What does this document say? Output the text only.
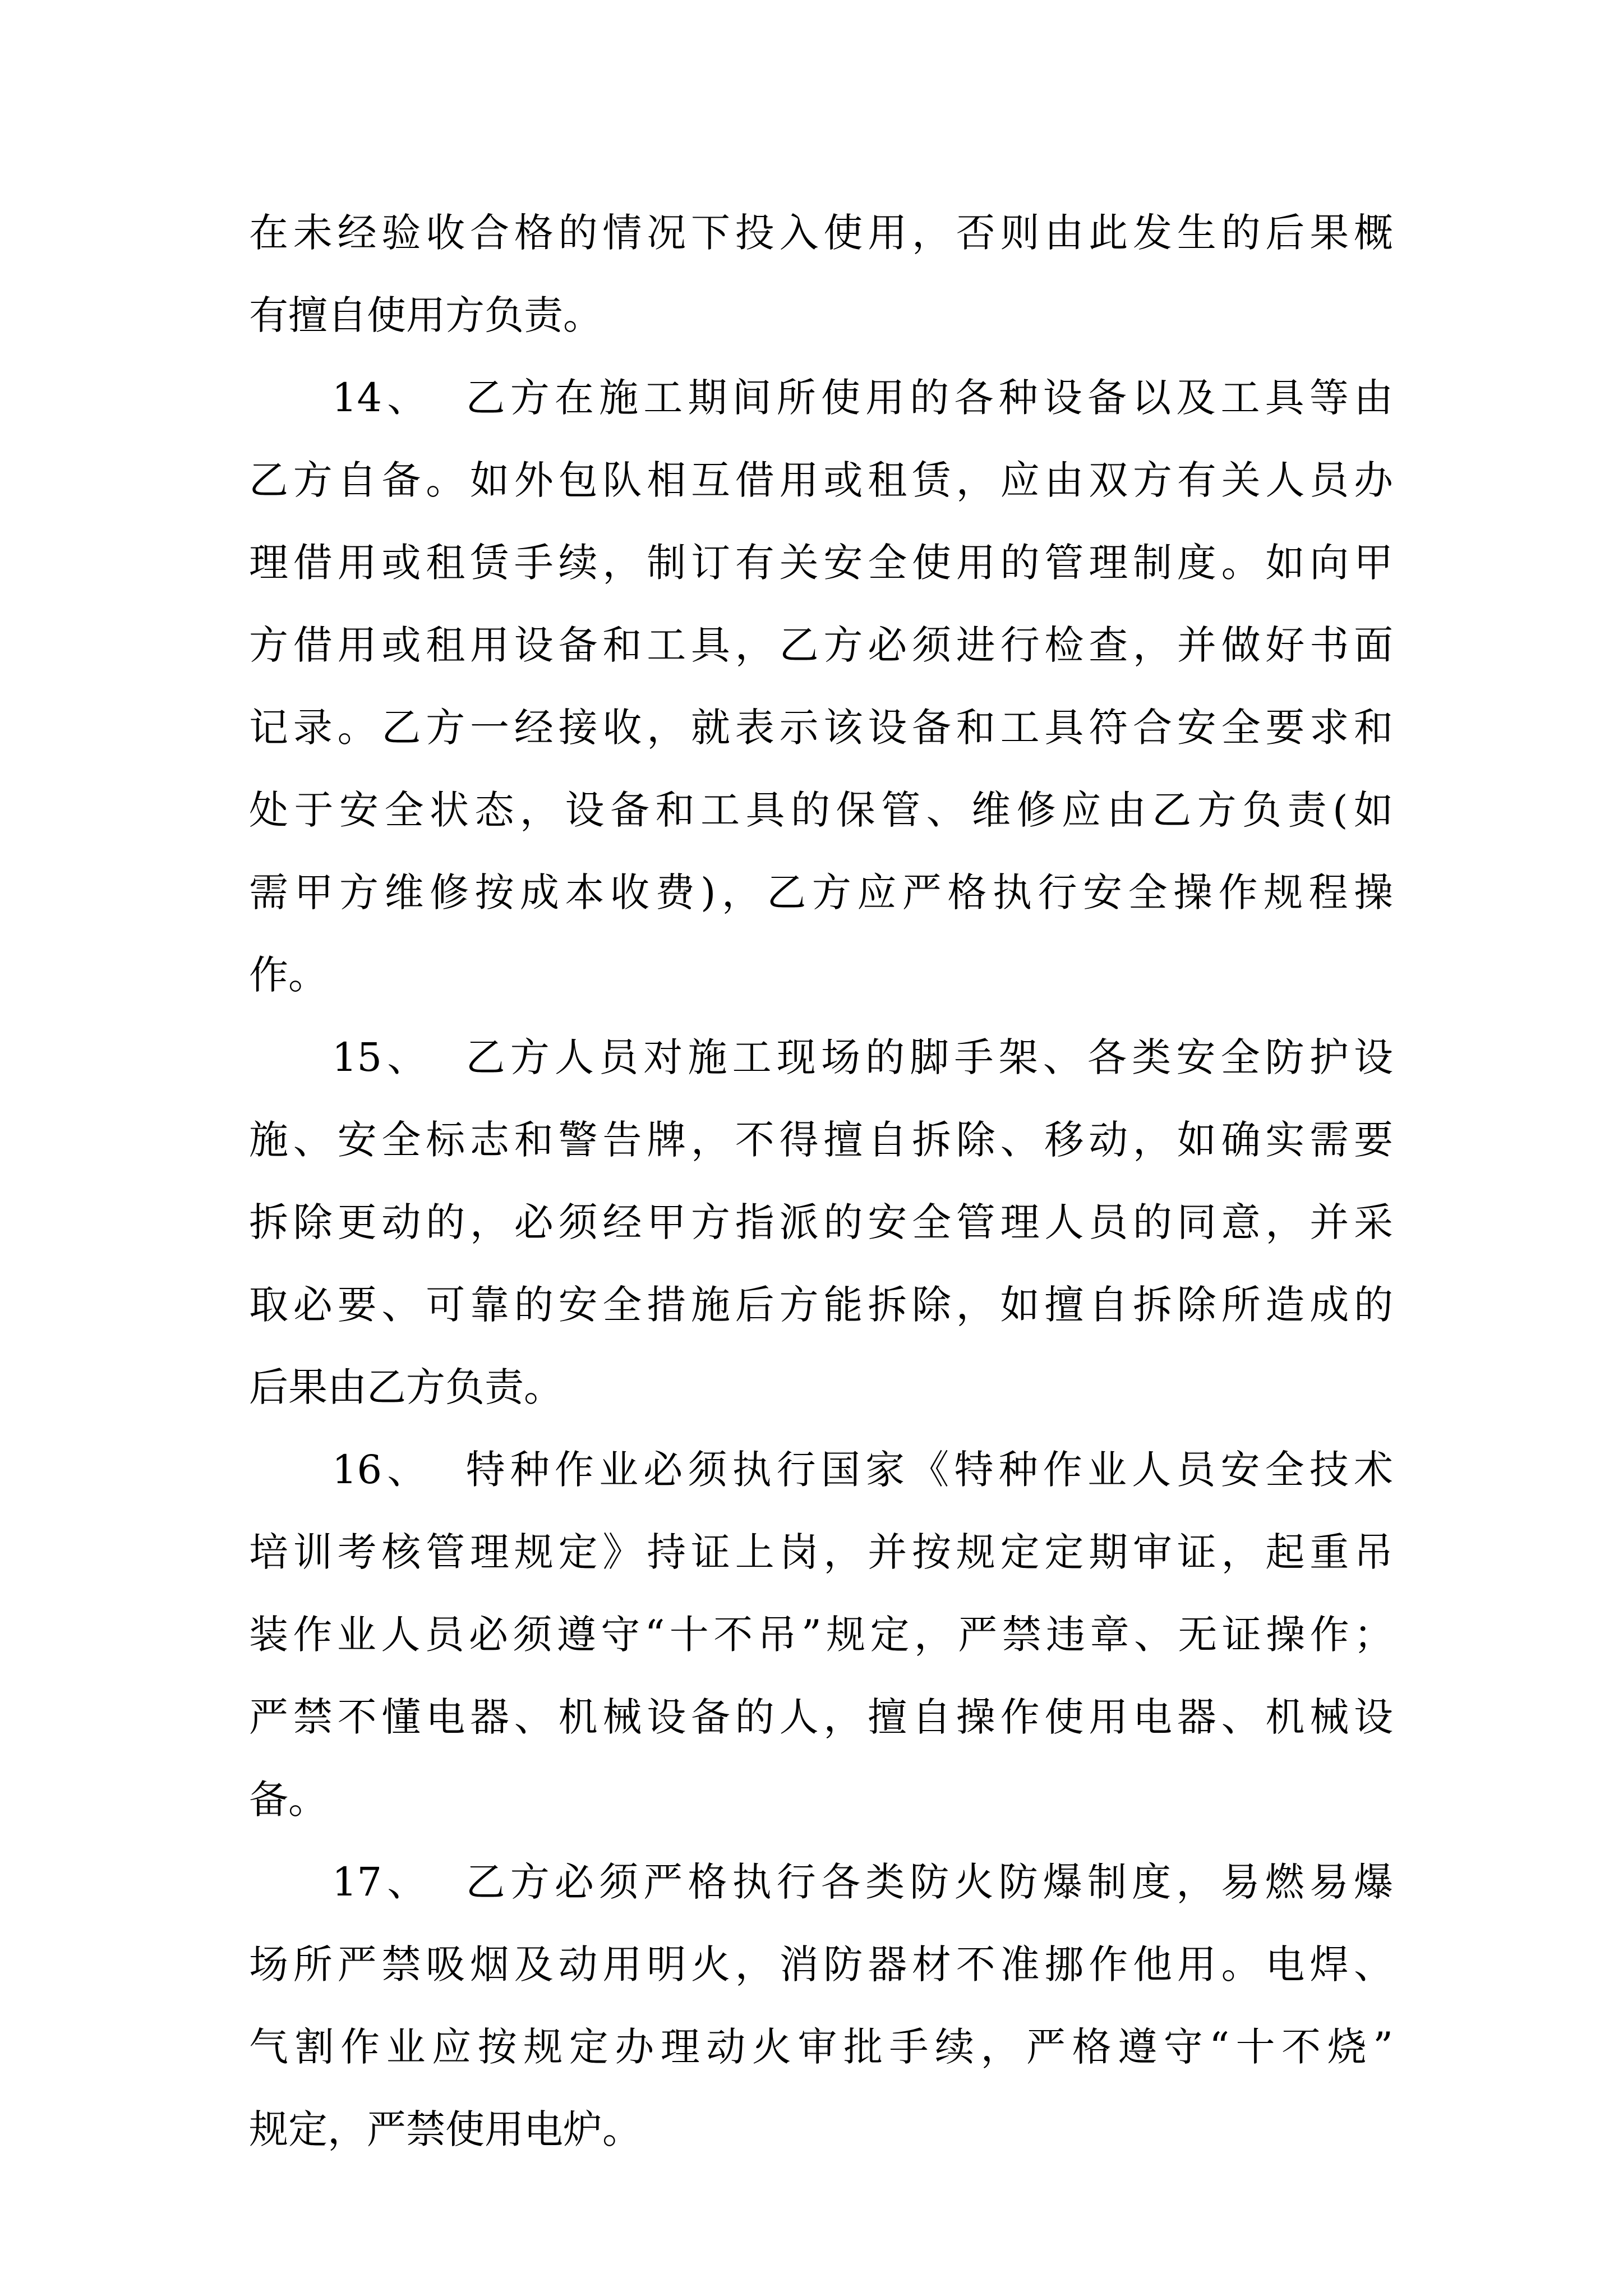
在未经验收合格的情况下投入使用，否则由此发生的后果概
有擅自使用方负责。
14、 乙方在施工期间所使用的各种设备以及工具等由
乙方自备。如外包队相互借用或租赁，应由双方有关人员办
理借用或租赁手续，制订有关安全使用的管理制度。如向甲
方借用或租用设备和工具，乙方必须进行检查，并做好书面
记录。乙方一经接收，就表示该设备和工具符合安全要求和
处于安全状态，设备和工具的保管、维修应由乙方负责(如
需甲方维修按成本收费)，乙方应严格执行安全操作规程操
作。
15、 乙方人员对施工现场的脚手架、各类安全防护设
施、安全标志和警告牌，不得擅自拆除、移动，如确实需要
拆除更动的，必须经甲方指派的安全管理人员的同意，并采
取必要、可靠的安全措施后方能拆除，如擅自拆除所造成的
后果由乙方负责。
16、 特种作业必须执行国家《特种作业人员安全技术
培训考核管理规定》持证上岗，并按规定定期审证，起重吊
装作业人员必须遵守“十不吊”规定，严禁违章、无证操作；
严禁不懂电器、机械设备的人，擅自操作使用电器、机械设
备。
17、 乙方必须严格执行各类防火防爆制度，易燃易爆
场所严禁吸烟及动用明火，消防器材不准挪作他用。电焊、
气割作业应按规定办理动火审批手续，严格遵守“十不烧”
规定，严禁使用电炉。
